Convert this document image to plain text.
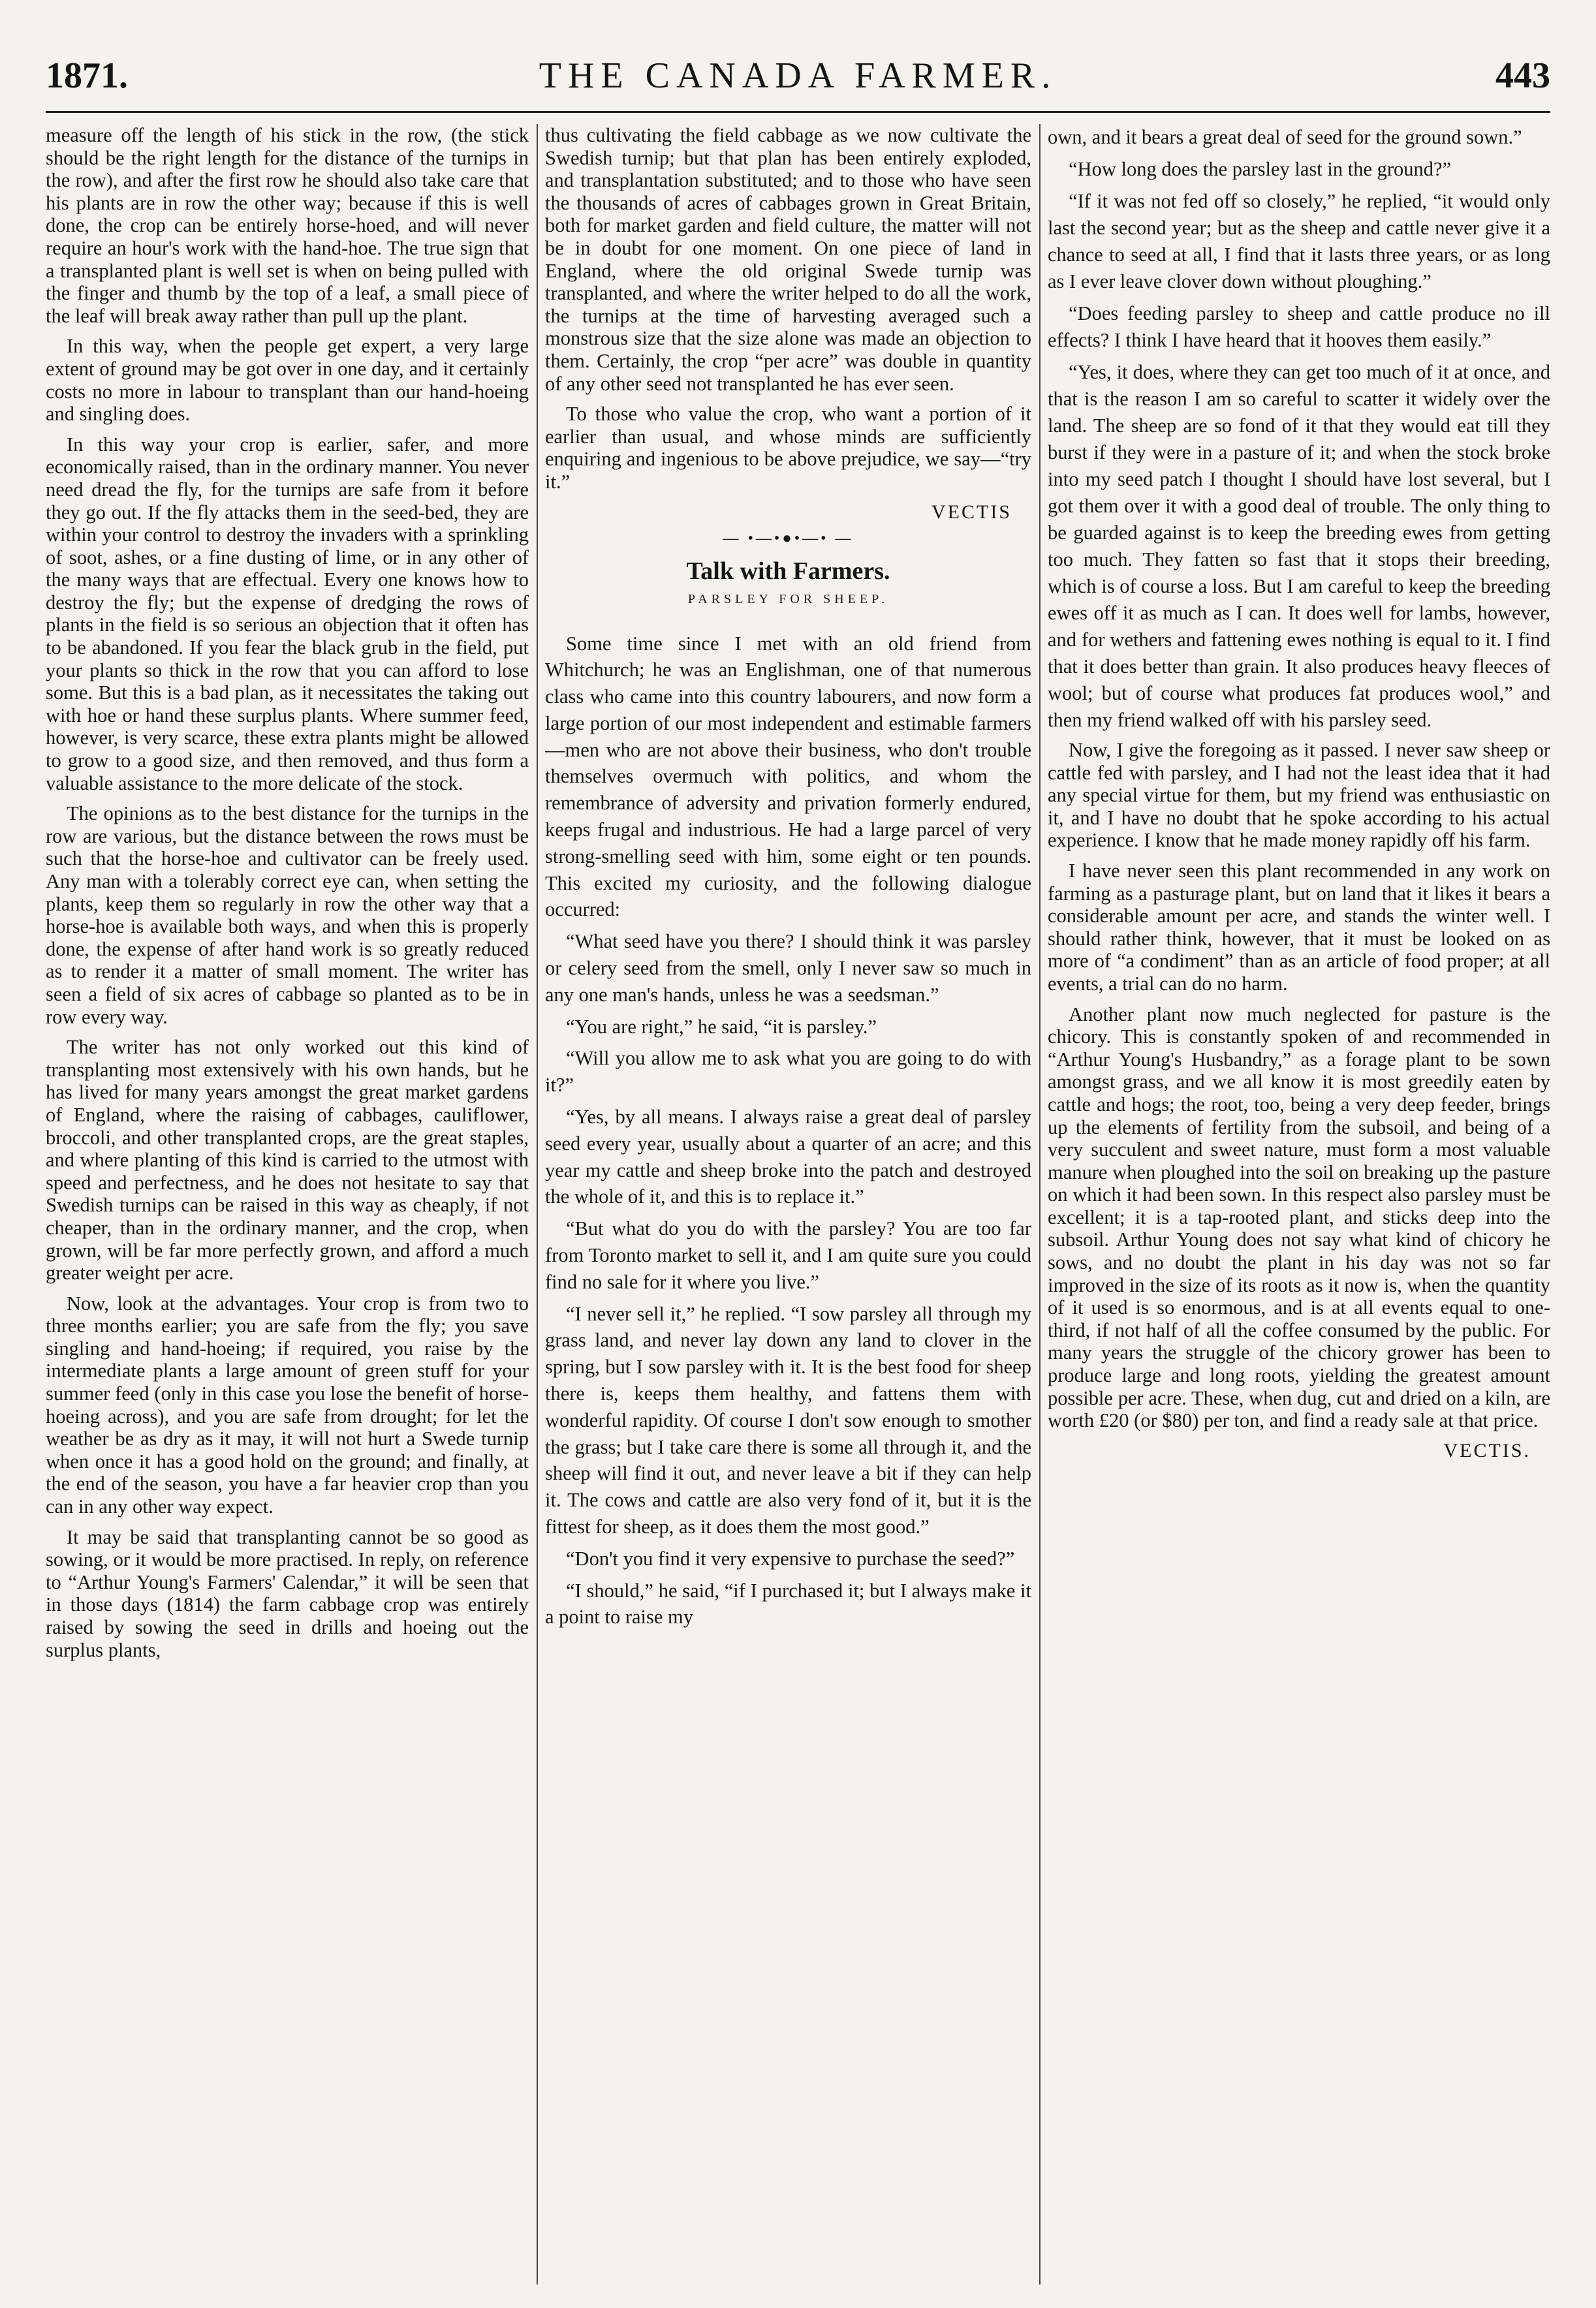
1871.	THE CANADA FARMER.	443

measure off the length of his stick in the row, (the stick should be the right length for the distance of the turnips in the row), and after the first row he should also take care that his plants are in row the other way; because if this is well done, the crop can be entirely horse-hoed, and will never require an hour's work with the hand-hoe. The true sign that a transplanted plant is well set is when on being pulled with the finger and thumb by the top of a leaf, a small piece of the leaf will break away rather than pull up the plant.

In this way, when the people get expert, a very large extent of ground may be got over in one day, and it certainly costs no more in labour to transplant than our hand-hoeing and singling does.

In this way your crop is earlier, safer, and more economically raised, than in the ordinary manner. You never need dread the fly, for the turnips are safe from it before they go out. If the fly attacks them in the seed-bed, they are within your control to destroy the invaders with a sprinkling of soot, ashes, or a fine dusting of lime, or in any other of the many ways that are effectual. Every one knows how to destroy the fly; but the expense of dredging the rows of plants in the field is so serious an objection that it often has to be abandoned. If you fear the black grub in the field, put your plants so thick in the row that you can afford to lose some. But this is a bad plan, as it necessitates the taking out with hoe or hand these surplus plants. Where summer feed, however, is very scarce, these extra plants might be allowed to grow to a good size, and then removed, and thus form a valuable assistance to the more delicate of the stock.

The opinions as to the best distance for the turnips in the row are various, but the distance between the rows must be such that the horse-hoe and cultivator can be freely used. Any man with a tolerably correct eye can, when setting the plants, keep them so regularly in row the other way that a horse-hoe is available both ways, and when this is properly done, the expense of after hand work is so greatly reduced as to render it a matter of small moment. The writer has seen a field of six acres of cabbage so planted as to be in row every way.

The writer has not only worked out this kind of transplanting most extensively with his own hands, but he has lived for many years amongst the great market gardens of England, where the raising of cabbages, cauliflower, broccoli, and other transplanted crops, are the great staples, and where planting of this kind is carried to the utmost with speed and perfectness, and he does not hesitate to say that Swedish turnips can be raised in this way as cheaply, if not cheaper, than in the ordinary manner, and the crop, when grown, will be far more perfectly grown, and afford a much greater weight per acre.

Now, look at the advantages. Your crop is from two to three months earlier; you are safe from the fly; you save singling and hand-hoeing; if required, you raise by the intermediate plants a large amount of green stuff for your summer feed (only in this case you lose the benefit of horse-hoeing across), and you are safe from drought; for let the weather be as dry as it may, it will not hurt a Swede turnip when once it has a good hold on the ground; and finally, at the end of the season, you have a far heavier crop than you can in any other way expect.

It may be said that transplanting cannot be so good as sowing, or it would be more practised. In reply, on reference to “Arthur Young's Farmers' Calendar,” it will be seen that in those days (1814) the farm cabbage crop was entirely raised by sowing the seed in drills and hoeing out the surplus plants,

thus cultivating the field cabbage as we now cultivate the Swedish turnip; but that plan has been entirely exploded, and transplantation substituted; and to those who have seen the thousands of acres of cabbages grown in Great Britain, both for market garden and field culture, the matter will not be in doubt for one moment. On one piece of land in England, where the old original Swede turnip was transplanted, and where the writer helped to do all the work, the turnips at the time of harvesting averaged such a monstrous size that the size alone was made an objection to them. Certainly, the crop “per acre” was double in quantity of any other seed not transplanted he has ever seen.

To those who value the crop, who want a portion of it earlier than usual, and whose minds are sufficiently enquiring and ingenious to be above prejudice, we say—“try it.”

VECTIS
— •—•●•—• —
Talk with Farmers.
PARSLEY FOR SHEEP.

Some time since I met with an old friend from Whitchurch; he was an Englishman, one of that numerous class who came into this country labourers, and now form a large portion of our most independent and estimable farmers—men who are not above their business, who don't trouble themselves overmuch with politics, and whom the remembrance of adversity and privation formerly endured, keeps frugal and industrious. He had a large parcel of very strong-smelling seed with him, some eight or ten pounds. This excited my curiosity, and the following dialogue occurred:

“What seed have you there? I should think it was parsley or celery seed from the smell, only I never saw so much in any one man's hands, unless he was a seedsman.”

“You are right,” he said, “it is parsley.”

“Will you allow me to ask what you are going to do with it?”

“Yes, by all means. I always raise a great deal of parsley seed every year, usually about a quarter of an acre; and this year my cattle and sheep broke into the patch and destroyed the whole of it, and this is to replace it.”

“But what do you do with the parsley? You are too far from Toronto market to sell it, and I am quite sure you could find no sale for it where you live.”

“I never sell it,” he replied. “I sow parsley all through my grass land, and never lay down any land to clover in the spring, but I sow parsley with it. It is the best food for sheep there is, keeps them healthy, and fattens them with wonderful rapidity. Of course I don't sow enough to smother the grass; but I take care there is some all through it, and the sheep will find it out, and never leave a bit if they can help it. The cows and cattle are also very fond of it, but it is the fittest for sheep, as it does them the most good.”

“Don't you find it very expensive to purchase the seed?”

“I should,” he said, “if I purchased it; but I always make it a point to raise my

own, and it bears a great deal of seed for the ground sown.”

“How long does the parsley last in the ground?”

“If it was not fed off so closely,” he replied, “it would only last the second year; but as the sheep and cattle never give it a chance to seed at all, I find that it lasts three years, or as long as I ever leave clover down without ploughing.”

“Does feeding parsley to sheep and cattle produce no ill effects? I think I have heard that it hooves them easily.”

“Yes, it does, where they can get too much of it at once, and that is the reason I am so careful to scatter it widely over the land. The sheep are so fond of it that they would eat till they burst if they were in a pasture of it; and when the stock broke into my seed patch I thought I should have lost several, but I got them over it with a good deal of trouble. The only thing to be guarded against is to keep the breeding ewes from getting too much. They fatten so fast that it stops their breeding, which is of course a loss. But I am careful to keep the breeding ewes off it as much as I can. It does well for lambs, however, and for wethers and fattening ewes nothing is equal to it. I find that it does better than grain. It also produces heavy fleeces of wool; but of course what produces fat produces wool,” and then my friend walked off with his parsley seed.

Now, I give the foregoing as it passed. I never saw sheep or cattle fed with parsley, and I had not the least idea that it had any special virtue for them, but my friend was enthusiastic on it, and I have no doubt that he spoke according to his actual experience. I know that he made money rapidly off his farm.

I have never seen this plant recommended in any work on farming as a pasturage plant, but on land that it likes it bears a considerable amount per acre, and stands the winter well. I should rather think, however, that it must be looked on as more of “a condiment” than as an article of food proper; at all events, a trial can do no harm.

Another plant now much neglected for pasture is the chicory. This is constantly spoken of and recommended in “Arthur Young's Husbandry,” as a forage plant to be sown amongst grass, and we all know it is most greedily eaten by cattle and hogs; the root, too, being a very deep feeder, brings up the elements of fertility from the subsoil, and being of a very succulent and sweet nature, must form a most valuable manure when ploughed into the soil on breaking up the pasture on which it had been sown. In this respect also parsley must be excellent; it is a tap-rooted plant, and sticks deep into the subsoil. Arthur Young does not say what kind of chicory he sows, and no doubt the plant in his day was not so far improved in the size of its roots as it now is, when the quantity of it used is so enormous, and is at all events equal to one-third, if not half of all the coffee consumed by the public. For many years the struggle of the chicory grower has been to produce large and long roots, yielding the greatest amount possible per acre. These, when dug, cut and dried on a kiln, are worth £20 (or $80) per ton, and find a ready sale at that price.

VECTIS.
